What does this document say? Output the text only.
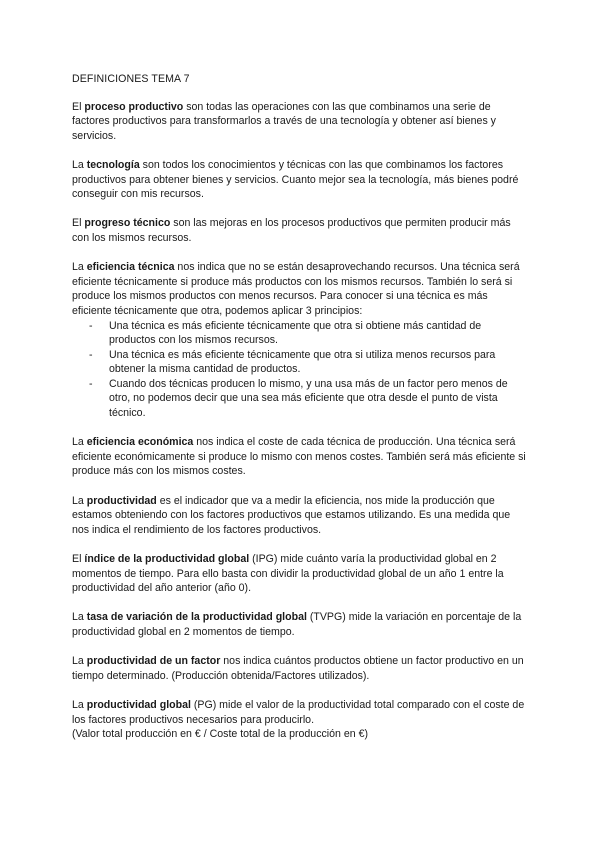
DEFINICIONES TEMA 7

El proceso productivo son todas las operaciones con las que combinamos una serie de factores productivos para transformarlos a través de una tecnología y obtener así bienes y servicios.

La tecnología son todos los conocimientos y técnicas con las que combinamos los factores productivos para obtener bienes y servicios. Cuanto mejor sea la tecnología, más bienes podré conseguir con mis recursos.

El progreso técnico son las mejoras en los procesos productivos que permiten producir más con los mismos recursos.

La eficiencia técnica nos indica que no se están desaprovechando recursos. Una técnica será eficiente técnicamente si produce más productos con los mismos recursos. También lo será si produce los mismos productos con menos recursos. Para conocer si una técnica es más eficiente técnicamente que otra, podemos aplicar 3 principios:

- Una técnica es más eficiente técnicamente que otra si obtiene más cantidad de productos con los mismos recursos.
- Una técnica es más eficiente técnicamente que otra si utiliza menos recursos para obtener la misma cantidad de productos.
- Cuando dos técnicas producen lo mismo, y una usa más de un factor pero menos de otro, no podemos decir que una sea más eficiente que otra desde el punto de vista técnico.

La eficiencia económica nos indica el coste de cada técnica de producción. Una técnica será eficiente económicamente si produce lo mismo con menos costes. También será más eficiente si produce más con los mismos costes.

La productividad es el indicador que va a medir la eficiencia, nos mide la producción que estamos obteniendo con los factores productivos que estamos utilizando. Es una medida que nos indica el rendimiento de los factores productivos.

El índice de la productividad global (IPG) mide cuánto varía la productividad global en 2 momentos de tiempo. Para ello basta con dividir la productividad global de un año 1 entre la productividad del año anterior (año 0).

La tasa de variación de la productividad global (TVPG) mide la variación en porcentaje de la productividad global en 2 momentos de tiempo.

La productividad de un factor nos indica cuántos productos obtiene un factor productivo en un tiempo determinado. (Producción obtenida/Factores utilizados).

La productividad global (PG) mide el valor de la productividad total comparado con el coste de los factores productivos necesarios para producirlo.
(Valor total producción en € / Coste total de la producción en €)
